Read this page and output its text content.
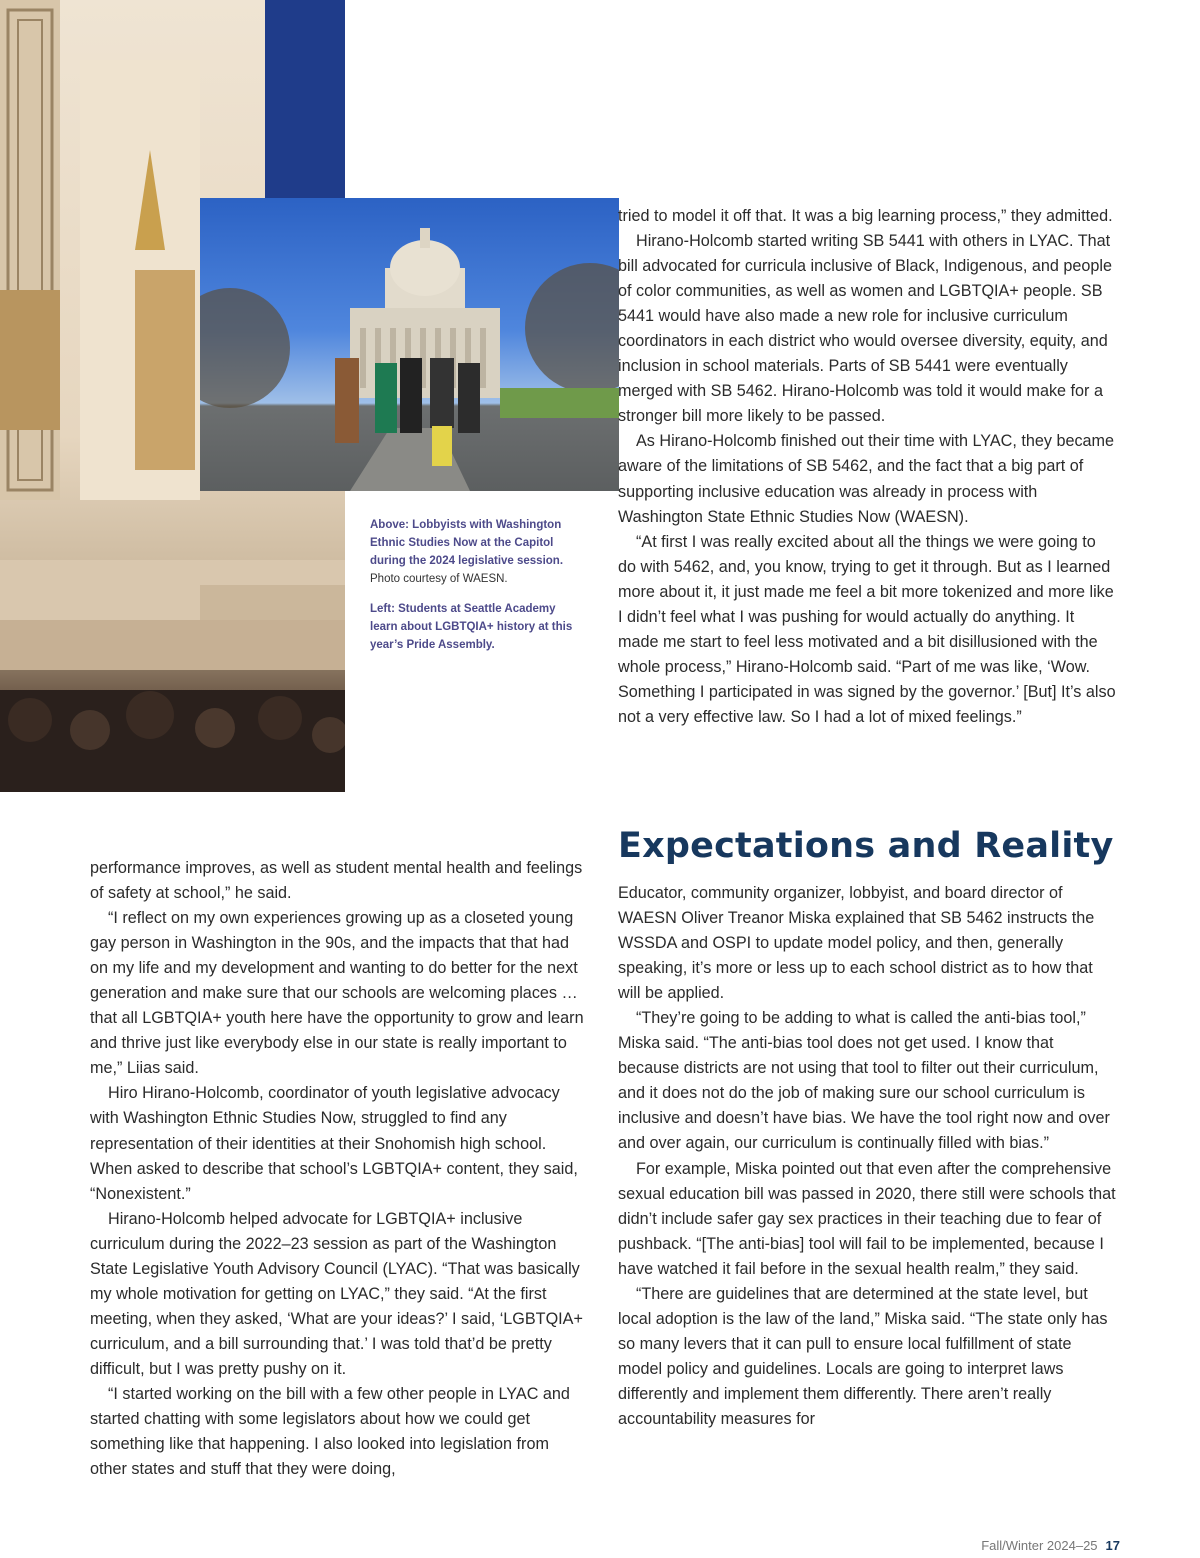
Above: Lobbyists with Washington Ethnic Studies Now at the Capitol during the 2024 legislative session.
Photo courtesy of WAESN.

Left: Students at Seattle Academy learn about LGBTQIA+ history at this year’s Pride Assembly.

tried to model it off that. It was a big learning process,” they admitted.

Hirano-Holcomb started writing SB 5441 with others in LYAC. That bill advocated for curricula inclusive of Black, Indigenous, and people of color communities, as well as women and LGBTQIA+ people. SB 5441 would have also made a new role for inclusive curriculum coordinators in each district who would oversee diversity, equity, and inclusion in school materials. Parts of SB 5441 were eventually merged with SB 5462. Hirano-Holcomb was told it would make for a stronger bill more likely to be passed.

As Hirano-Holcomb finished out their time with LYAC, they became aware of the limitations of SB 5462, and the fact that a big part of supporting inclusive education was already in process with Washington State Ethnic Studies Now (WAESN).

“At first I was really excited about all the things we were going to do with 5462, and, you know, trying to get it through. But as I learned more about it, it just made me feel a bit more tokenized and more like I didn’t feel what I was pushing for would actually do anything. It made me start to feel less motivated and a bit disillusioned with the whole process,” Hirano-Holcomb said. “Part of me was like, ‘Wow. Something I participated in was signed by the governor.’ [But] It’s also not a very effective law. So I had a lot of mixed feelings.”

Expectations and Reality

performance improves, as well as student mental health and feelings of safety at school,” he said.

“I reflect on my own experiences growing up as a closeted young gay person in Washington in the 90s, and the impacts that that had on my life and my development and wanting to do better for the next generation and make sure that our schools are welcoming places … that all LGBTQIA+ youth here have the opportunity to grow and learn and thrive just like everybody else in our state is really important to me,” Liias said.

Hiro Hirano-Holcomb, coordinator of youth legislative advocacy with Washington Ethnic Studies Now, struggled to find any representation of their identities at their Snohomish high school. When asked to describe that school’s LGBTQIA+ content, they said, “Nonexistent.”

Hirano-Holcomb helped advocate for LGBTQIA+ inclusive curriculum during the 2022–23 session as part of the Washington State Legislative Youth Advisory Council (LYAC). “That was basically my whole motivation for getting on LYAC,” they said. “At the first meeting, when they asked, ‘What are your ideas?’ I said, ‘LGBTQIA+ curriculum, and a bill surrounding that.’ I was told that’d be pretty difficult, but I was pretty pushy on it.

“I started working on the bill with a few other people in LYAC and started chatting with some legislators about how we could get something like that happening. I also looked into legislation from other states and stuff that they were doing,

Educator, community organizer, lobbyist, and board director of WAESN Oliver Treanor Miska explained that SB 5462 instructs the WSSDA and OSPI to update model policy, and then, generally speaking, it’s more or less up to each school district as to how that will be applied.

“They’re going to be adding to what is called the anti-bias tool,” Miska said. “The anti-bias tool does not get used. I know that because districts are not using that tool to filter out their curriculum, and it does not do the job of making sure our school curriculum is inclusive and doesn’t have bias. We have the tool right now and over and over again, our curriculum is continually filled with bias.”

For example, Miska pointed out that even after the comprehensive sexual education bill was passed in 2020, there still were schools that didn’t include safer gay sex practices in their teaching due to fear of pushback. “[The anti-bias] tool will fail to be implemented, because I have watched it fail before in the sexual health realm,” they said.

“There are guidelines that are determined at the state level, but local adoption is the law of the land,” Miska said. “The state only has so many levers that it can pull to ensure local fulfillment of state model policy and guidelines. Locals are going to interpret laws differently and implement them differently. There aren’t really accountability measures for

Fall/Winter 2024–25 17
